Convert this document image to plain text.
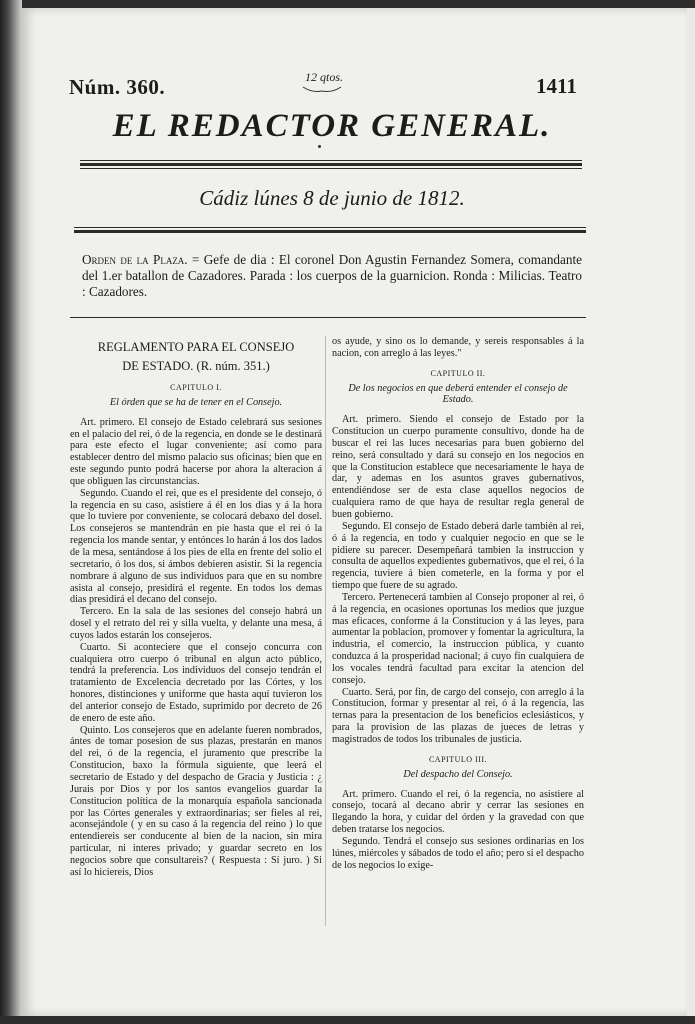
Núm. 360.	12 qtos.	1411
EL REDACTOR GENERAL.
Cádiz lúnes 8 de junio de 1812.
Orden de la Plaza. = Gefe de dia : El coronel Don Agustin Fernandez Somera, comandante del 1.er batallon de Cazadores. Parada : los cuerpos de la guarnicion. Ronda : Milicias. Teatro : Cazadores.

REGLAMENTO PARA EL CONSEJO

DE ESTADO. (R. núm. 351.)

CAPITULO I.

El órden que se ha de tener en el Consejo.

Art. primero. El consejo de Estado celebrará sus sesiones en el palacio del rei, ó de la regencia, en donde se le destinará para este efecto el lugar conveniente; así como para establecer dentro del mismo palacio sus oficinas; bien que en este segundo punto podrá hacerse por ahora la alteracion á que obliguen las circunstancias.

Segundo. Cuando el rei, que es el presidente del consejo, ó la regencia en su caso, asistiere á él en los dias y á la hora que lo tuviere por conveniente, se colocará debaxo del dosel. Los consejeros se mantendrán en pie hasta que el rei ó la regencia los mande sentar, y entónces lo harán á los dos lados de la mesa, sentándose á los pies de ella en frente del solio el secretario, ó los dos, si ámbos debieren asistir. Si la regencia nombrare á alguno de sus individuos para que en su nombre asista al consejo, presidirá el regente. En todos los demas dias presidirá el decano del consejo.

Tercero. En la sala de las sesiones del consejo habrá un dosel y el retrato del rei y silla vuelta, y delante una mesa, á cuyos lados estarán los consejeros.

Cuarto. Si aconteciere que el consejo concurra con cualquiera otro cuerpo ó tribunal en algun acto público, tendrá la preferencia. Los individuos del consejo tendrán el tratamiento de Excelencia decretado por las Córtes, y los honores, distinciones y uniforme que hasta aquí tuvieron los del anterior consejo de Estado, suprimido por decreto de 26 de enero de este año.

Quinto. Los consejeros que en adelante fueren nombrados, ántes de tomar posesion de sus plazas, prestarán en manos del rei, ó de la regencia, el juramento que prescribe la Constitucion, baxo la fórmula siguiente, que leerá el secretario de Estado y del despacho de Gracia y Justicia : ¿ Jurais por Dios y por los santos evangelios guardar la Constitucion política de la monarquía española sancionada por las Córtes generales y extraordinarias; ser fieles al rei, aconsejándole ( y en su caso á la regencia del reino ) lo que entendiereis ser conducente al bien de la nacion, sin mira particular, ni interes privado; y guardar secreto en los negocios sobre que consultareis? ( Respuesta : Sí juro. ) Si así lo hiciereis, Dios

os ayude, y sino os lo demande, y sereis responsables á la nacion, con arreglo á las leyes."

CAPITULO II.

De los negocios en que deberá entender el consejo de Estado.

Art. primero. Siendo el consejo de Estado por la Constitucion un cuerpo puramente consultivo, donde ha de buscar el rei las luces necesarias para buen gobierno del reino, será consultado y dará su consejo en los negocios en que la Constitucion establece que necesariamente le haya de dar, y ademas en los asuntos graves gubernativos, entendiéndose ser de esta clase aquellos negocios de cualquiera ramo de que haya de resultar regla general de buen gobierno.

Segundo. El consejo de Estado deberá darle también al rei, ó á la regencia, en todo y cualquier negocio en que se le pidiere su parecer. Desempeñará tambien la instruccion y consulta de aquellos expedientes gubernativos, que el rei, ó la regencia, tuviere á bien cometerle, en la forma y por el tiempo que fuere de su agrado.

Tercero. Pertenecerá tambien al Consejo proponer al rei, ó á la regencia, en ocasiones oportunas los medios que juzgue mas eficaces, conforme á la Constitucion y á las leyes, para aumentar la poblacion, promover y fomentar la agricultura, la industria, el comercio, la instruccion pública, y cuanto conduzca á la prosperidad nacional; á cuyo fin cualquiera de los vocales tendrá facultad para excitar la atencion del consejo.

Cuarto. Será, por fin, de cargo del consejo, con arreglo á la Constitucion, formar y presentar al rei, ó á la regencia, las ternas para la presentacion de los beneficios eclesiásticos, y para la provision de las plazas de jueces de letras y magistrados de todos los tribunales de justicia.

CAPITULO III.

Del despacho del Consejo.

Art. primero. Cuando el rei, ó la regencia, no asistiere al consejo, tocará al decano abrir y cerrar las sesiones en llegando la hora, y cuidar del órden y la gravedad con que deben tratarse los negocios.

Segundo. Tendrá el consejo sus sesiones ordinarias en los lúnes, miércoles y sábados de todo el año; pero si el despacho de los negocios lo exige-
